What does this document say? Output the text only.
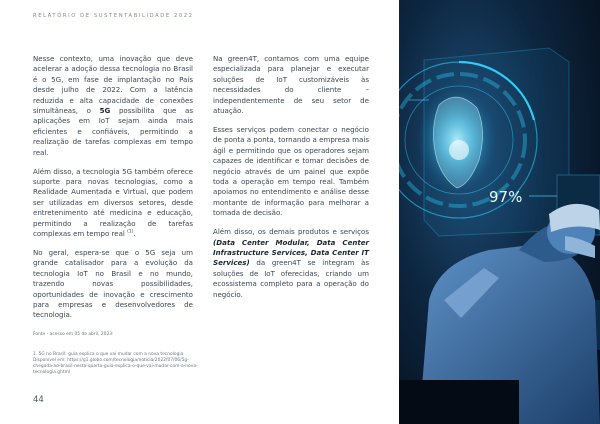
RELATÓRIO DE SUSTENTABILIDADE 2022

Nesse contexto, uma inovação que deve acelerar a adoção dessa tecnologia no Brasil é o 5G, em fase de implantação no País desde julho de 2022. Com a latência reduzida e alta capacidade de conexões simultâneas, o 5G possibilita que as aplicações em IoT sejam ainda mais eficientes e confiáveis, permitindo a realização de tarefas complexas em tempo real.

Além disso, a tecnologia 5G também oferece suporte para novas tecnologias, como a Realidade Aumentada e Virtual, que podem ser utilizadas em diversos setores, desde entretenimento até medicina e educação, permitindo a realização de tarefas complexas em tempo real $^{(1)}$.

No geral, espera-se que o 5G seja um grande catalisador para a evolução da tecnologia IoT no Brasil e no mundo, trazendo novas possibilidades, oportunidades de inovação e crescimento para empresas e desenvolvedores de tecnologia.

Na green4T, contamos com uma equipe especializada para planejar e executar soluções de IoT customizáveis às necessidades do cliente – independentemente de seu setor de atuação.

Esses serviços podem conectar o negócio de ponta a ponta, tornando a empresa mais ágil e permitindo que os operadores sejam capazes de identificar e tomar decisões de negócio através de um painel que expõe toda a operação em tempo real. Também apoiamos no entendimento e análise desse montante de informação para melhorar a tomada de decisão.

Além disso, os demais produtos e serviços (Data Center Modular, Data Center Infrastructure Services, Data Center IT Services) da green4T se integram às soluções de IoT oferecidas, criando um ecossistema completo para a operação do negócio.

Fonte - acesso em 05 de abril, 2023:
1. 5G no Brasil: guia explica o que vai mudar com a nova tecnologia. Disponível em: https://g1.globo.com/tecnologia/noticia/2022/07/06/5g-chegada-ao-brasil-nesta-quarta-guia-explica-o-que-vai-mudar-com-a-nova-tecnologia.ghtml
44
97%
